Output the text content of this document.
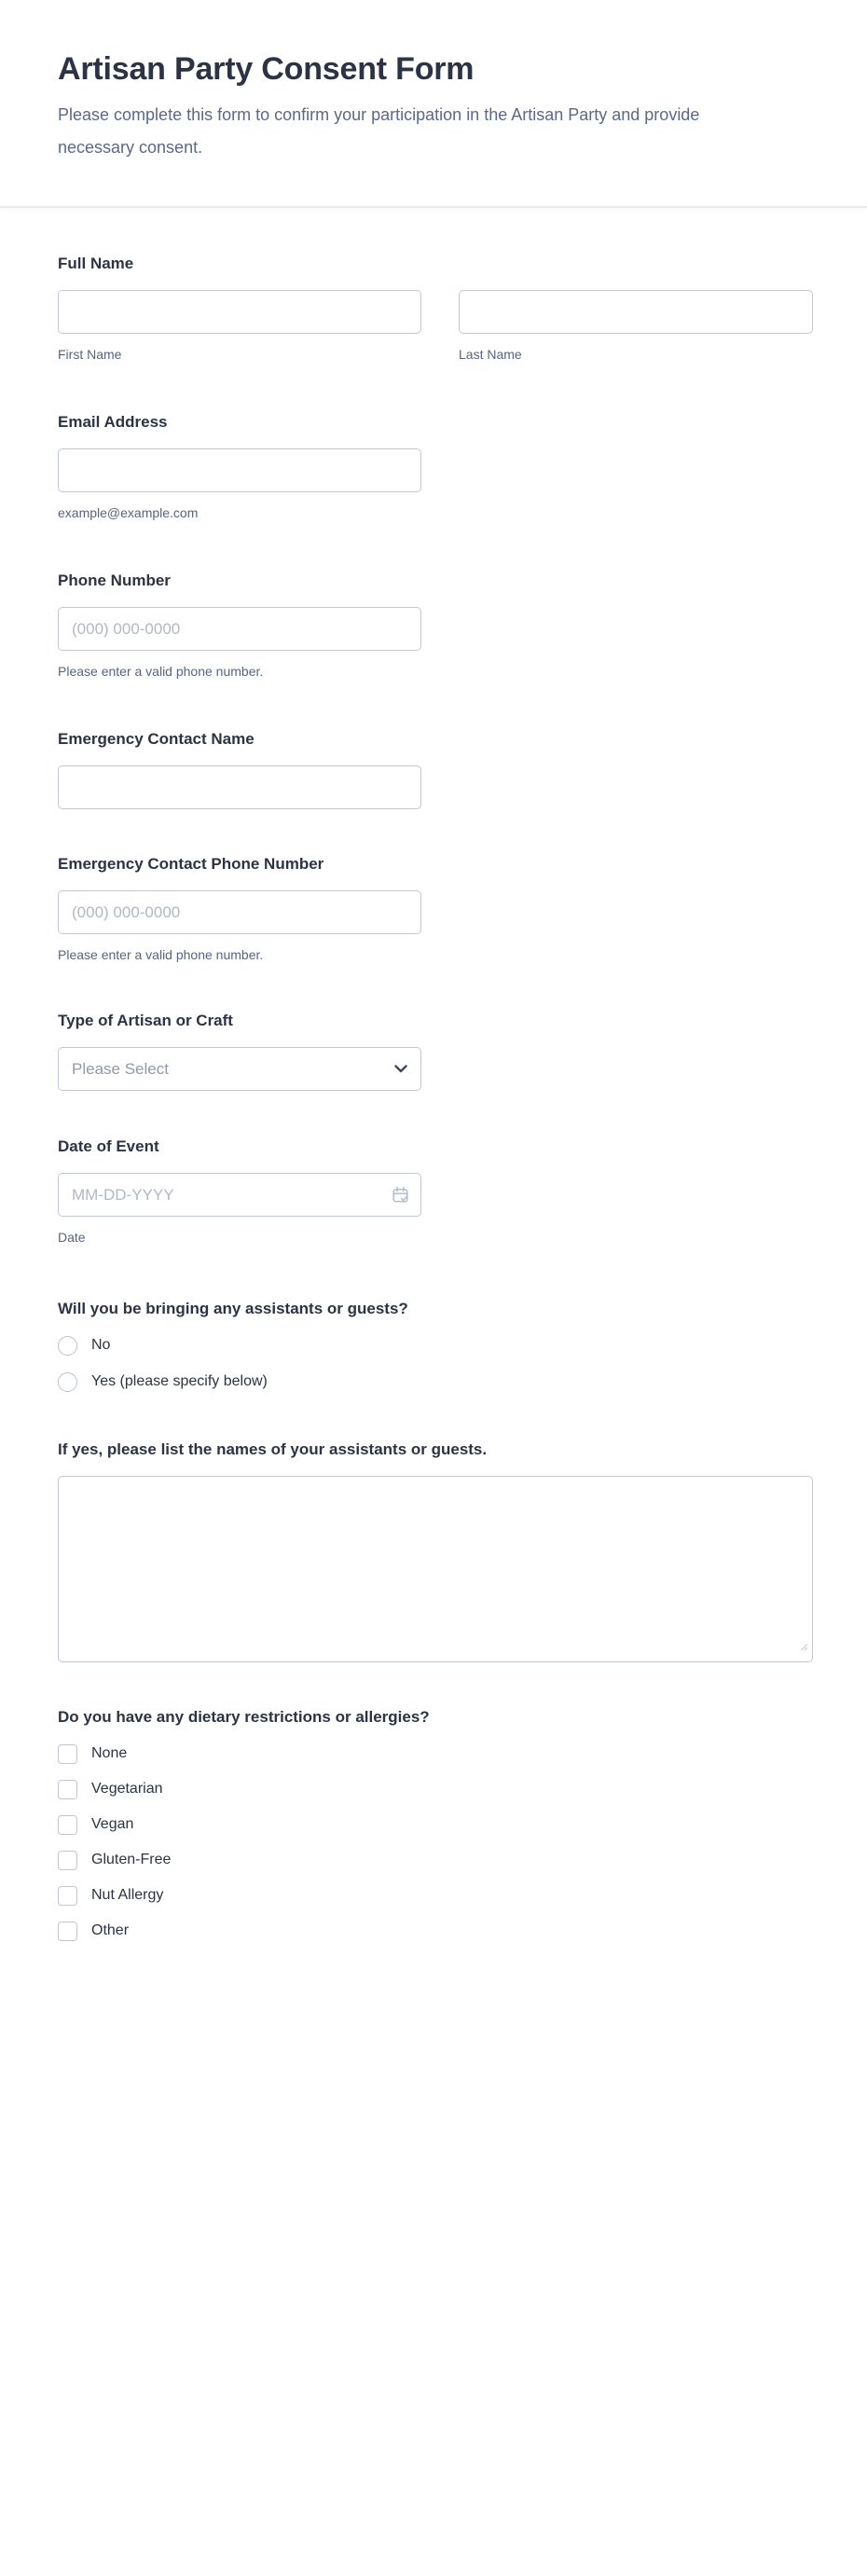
Artisan Party Consent Form

Please complete this form to confirm your participation in the Artisan Party and provide necessary consent.

Full Name
First Name	Last Name
Email Address
example@example.com
Phone Number
(000) 000-0000
Please enter a valid phone number.
Emergency Contact Name
Emergency Contact Phone Number
(000) 000-0000
Please enter a valid phone number.
Type of Artisan or Craft
Please Select
Date of Event
MM-DD-YYYY
Date
Will you be bringing any assistants or guests?
No
Yes (please specify below)
If yes, please list the names of your assistants or guests.
Do you have any dietary restrictions or allergies?
None
Vegetarian
Vegan
Gluten-Free
Nut Allergy
Other
